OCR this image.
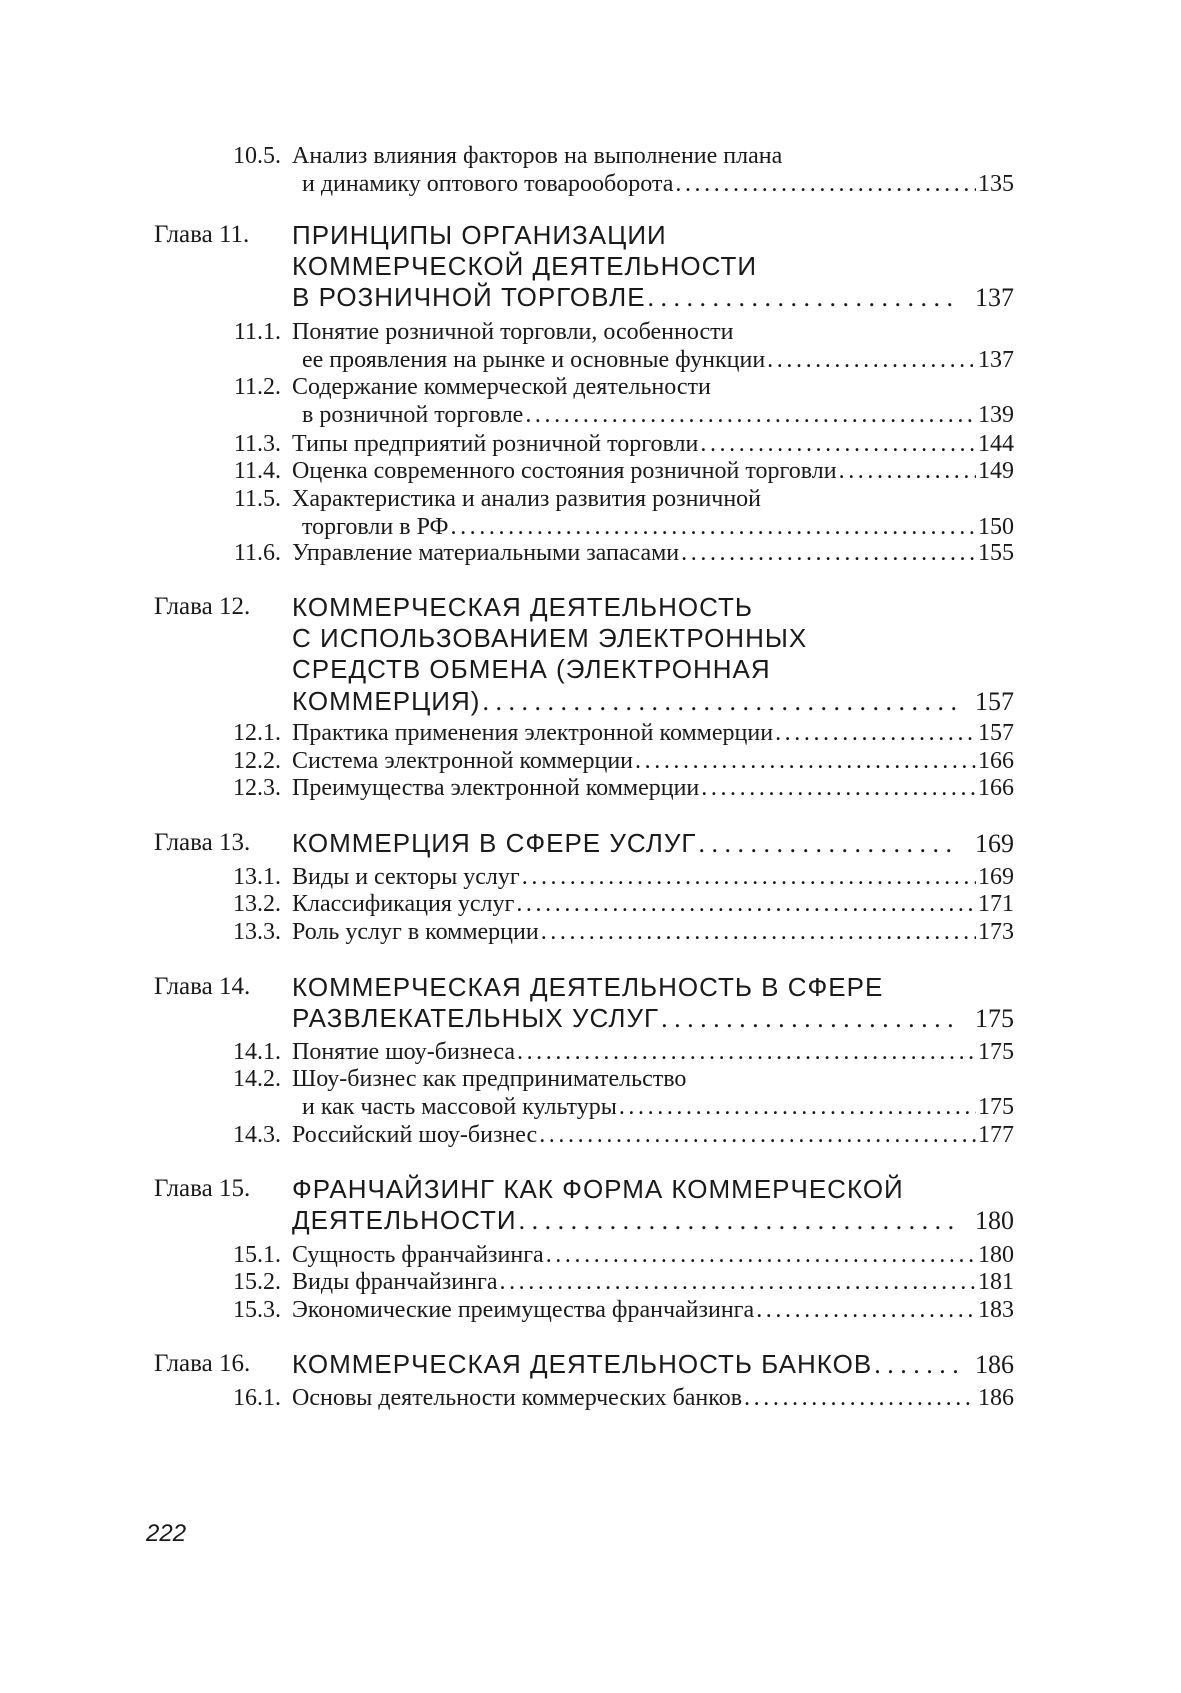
10.5. Анализ влияния факторов на выполнение плана
и динамику оптового товарооборота .....	135
Глава 11. ПРИНЦИПЫ ОРГАНИЗАЦИИ
КОММЕРЧЕСКОЙ ДЕЯТЕЛЬНОСТИ
В РОЗНИЧНОЙ ТОРГОВЛЕ . . .	137
11.1. Понятие розничной торговли, особенности
ее проявления на рынке и основные функции .....	137
11.2. Содержание коммерческой деятельности
в розничной торговле .....	139
11.3. Типы предприятий розничной торговли .....	144
11.4. Оценка современного состояния розничной торговли .....	149
11.5. Характеристика и анализ развития розничной
торговли в РФ .....	150
11.6. Управление материальными запасами .....	155
Глава 12. КОММЕРЧЕСКАЯ ДЕЯТЕЛЬНОСТЬ
С ИСПОЛЬЗОВАНИЕМ ЭЛЕКТРОННЫХ
СРЕДСТВ ОБМЕНА (ЭЛЕКТРОННАЯ
КОММЕРЦИЯ) . . .	157
12.1. Практика применения электронной коммерции .....	157
12.2. Система электронной коммерции .....	166
12.3. Преимущества электронной коммерции .....	166
Глава 13. КОММЕРЦИЯ В СФЕРЕ УСЛУГ . . .	169
13.1. Виды и секторы услуг .....	169
13.2. Классификация услуг .....	171
13.3. Роль услуг в коммерции .....	173
Глава 14. КОММЕРЧЕСКАЯ ДЕЯТЕЛЬНОСТЬ В СФЕРЕ
РАЗВЛЕКАТЕЛЬНЫХ УСЛУГ . . .	175
14.1. Понятие шоу-бизнеса .....	175
14.2. Шоу-бизнес как предпринимательство
и как часть массовой культуры .....	175
14.3. Российский шоу-бизнес .....	177
Глава 15. ФРАНЧАЙЗИНГ КАК ФОРМА КОММЕРЧЕСКОЙ
ДЕЯТЕЛЬНОСТИ . . .	180
15.1. Сущность франчайзинга .....	180
15.2. Виды франчайзинга .....	181
15.3. Экономические преимущества франчайзинга .....	183
Глава 16. КОММЕРЧЕСКАЯ ДЕЯТЕЛЬНОСТЬ БАНКОВ . . .	186
16.1. Основы деятельности коммерческих банков .....	186
222
